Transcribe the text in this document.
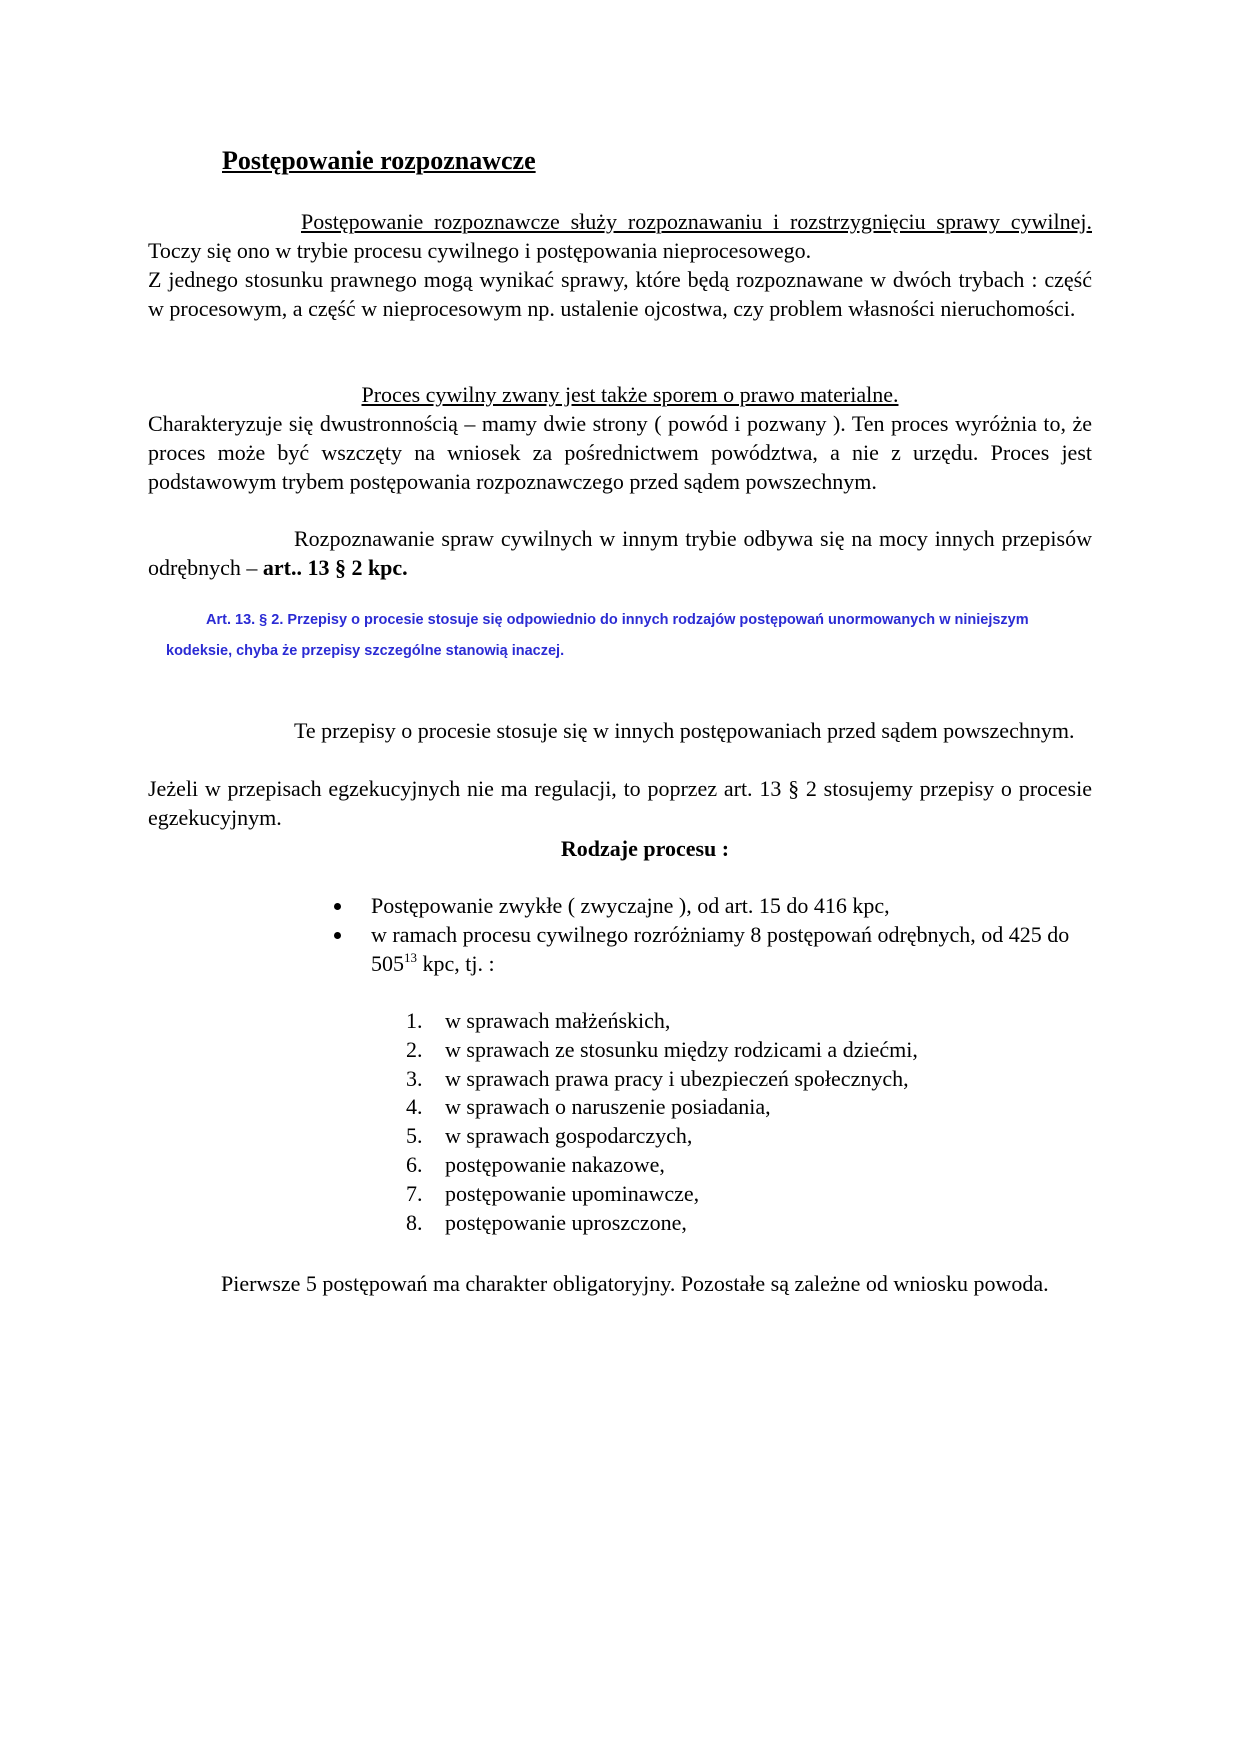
Postępowanie rozpoznawcze

Postępowanie rozpoznawcze służy rozpoznawaniu i rozstrzygnięciu sprawy cywilnej. Toczy się ono w trybie procesu cywilnego i postępowania nieprocesowego.

Z jednego stosunku prawnego mogą wynikać sprawy, które będą rozpoznawane w dwóch trybach : część w procesowym, a część w nieprocesowym np. ustalenie ojcostwa, czy problem własności nieruchomości.

Proces cywilny zwany jest także sporem o prawo materialne.

Charakteryzuje się dwustronnością – mamy dwie strony ( powód i pozwany ). Ten proces wyróżnia to, że proces może być wszczęty na wniosek za pośrednictwem powództwa, a nie z urzędu. Proces jest podstawowym trybem postępowania rozpoznawczego przed sądem powszechnym.

Rozpoznawanie spraw cywilnych w innym trybie odbywa się na mocy innych przepisów odrębnych – art.. 13 § 2 kpc.

Art. 13. § 2. Przepisy o procesie stosuje się odpowiednio do innych rodzajów postępowań unormowanych w niniejszym
kodeksie, chyba że przepisy szczególne stanowią inaczej.

Te przepisy o procesie stosuje się w innych postępowaniach przed sądem powszechnym.

Jeżeli w przepisach egzekucyjnych nie ma regulacji, to poprzez art. 13 § 2 stosujemy przepisy o procesie egzekucyjnym.

Rodzaje procesu :
Postępowanie zwykłe ( zwyczajne ), od art. 15 do 416 kpc,
w ramach procesu cywilnego rozróżniamy 8 postępowań odrębnych, od 425 do $505^{13}$ kpc, tj. :
1. w sprawach małżeńskich,
2. w sprawach ze stosunku między rodzicami a dziećmi,
3. w sprawach prawa pracy i ubezpieczeń społecznych,
4. w sprawach o naruszenie posiadania,
5. w sprawach gospodarczych,
6. postępowanie nakazowe,
7. postępowanie upominawcze,
8. postępowanie uproszczone,

Pierwsze 5 postępowań ma charakter obligatoryjny. Pozostałe są zależne od wniosku powoda.
